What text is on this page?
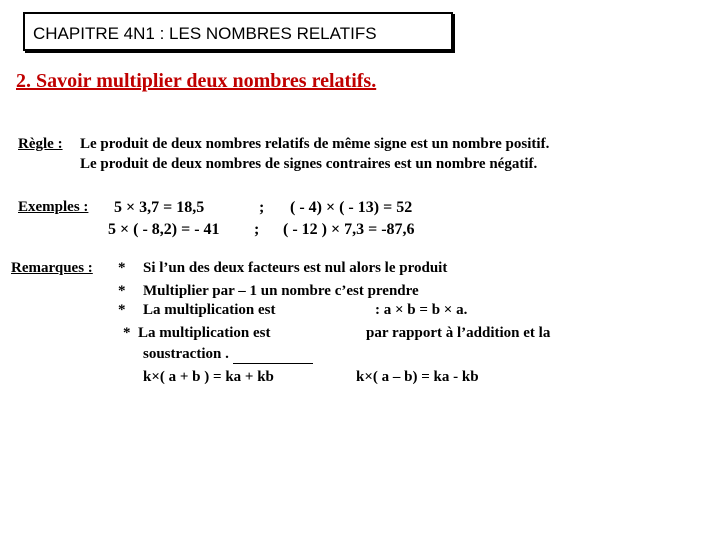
CHAPITRE 4N1 : LES NOMBRES RELATIFS
2. Savoir multiplier deux nombres relatifs.
Règle : Le produit de deux nombres relatifs de même signe est un nombre positif.
Le produit de deux nombres de signes contraires est un nombre négatif.
Exemples : 5 × 3,7 = 18,5	; ( - 4) × ( - 13) = 52
5 × ( - 8,2) = - 41 ; ( - 12 ) × 7,3 = -87,6
Remarques : * Si l’un des deux facteurs est nul alors le produit
* Multiplier par – 1 un nombre c’est prendre
* La multiplication est	: a × b = b × a.
* La multiplication est	par rapport à l’addition et la
soustraction .
k×( a + b ) = ka + kb	k×( a – b) = ka - kb
